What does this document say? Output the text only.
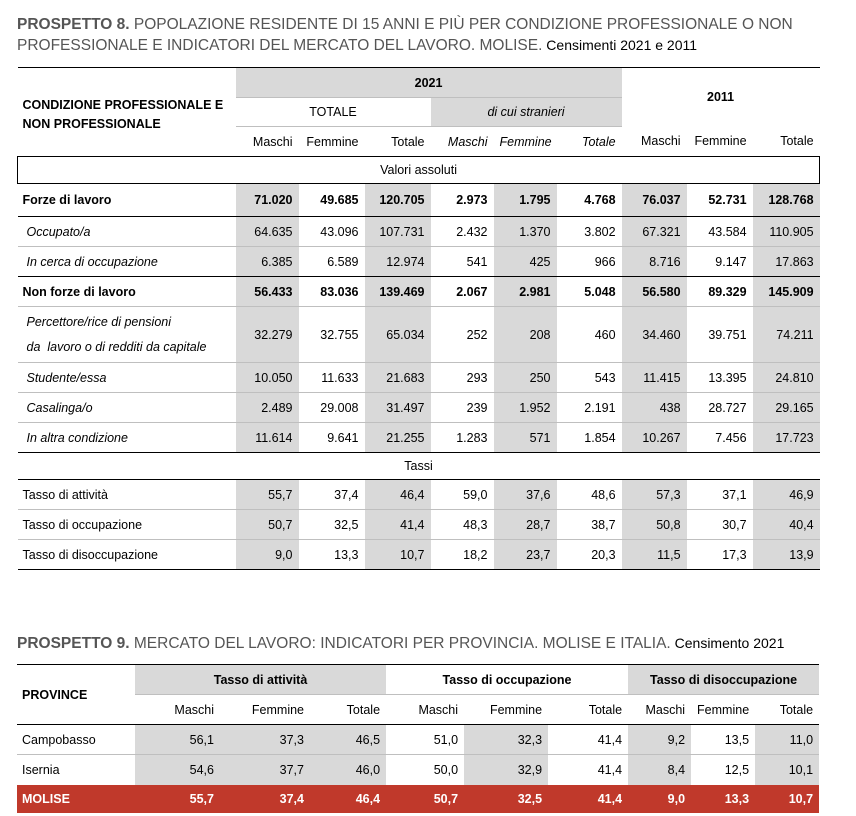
PROSPETTO 8. POPOLAZIONE RESIDENTE DI 15 ANNI E PIÙ PER CONDIZIONE PROFESSIONALE O NON PROFESSIONALE E INDICATORI DEL MERCATO DEL LAVORO. MOLISE. Censimenti 2021 e 2011
CONDIZIONE PROFESSIONALE E NON PROFESSIONALE	2021						2011		
	TOTALE			di cui stranieri					
	Maschi	Femmine	Totale	Maschi	Femmine	Totale	Maschi	Femmine	Totale
Valori assoluti									
Forze di lavoro	71.020	49.685	120.705	2.973	1.795	4.768	76.037	52.731	128.768
Occupato/a	64.635	43.096	107.731	2.432	1.370	3.802	67.321	43.584	110.905
In cerca di occupazione	6.385	6.589	12.974	541	425	966	8.716	9.147	17.863
Non forze di lavoro	56.433	83.036	139.469	2.067	2.981	5.048	56.580	89.329	145.909

Percettore/rice di pensioni
da  lavoro o di redditi da capitale	32.279	32.755	65.034	252	208	460	34.460	39.751	74.211
Studente/essa	10.050	11.633	21.683	293	250	543	11.415	13.395	24.810
Casalinga/o	2.489	29.008	31.497	239	1.952	2.191	438	28.727	29.165
In altra condizione	11.614	9.641	21.255	1.283	571	1.854	10.267	7.456	17.723
Tassi									
Tasso di attività	55,7	37,4	46,4	59,0	37,6	48,6	57,3	37,1	46,9
Tasso di occupazione	50,7	32,5	41,4	48,3	28,7	38,7	50,8	30,7	40,4
Tasso di disoccupazione	9,0	13,3	10,7	18,2	23,7	20,3	11,5	17,3	13,9
PROSPETTO 9. MERCATO DEL LAVORO: INDICATORI PER PROVINCIA. MOLISE E ITALIA. Censimento 2021
PROVINCE	Tasso di attività			Tasso di occupazione			Tasso di disoccupazione		
	Maschi	Femmine	Totale	Maschi	Femmine	Totale	Maschi	Femmine	Totale
Campobasso	56,1	37,3	46,5	51,0	32,3	41,4	9,2	13,5	11,0
Isernia	54,6	37,7	46,0	50,0	32,9	41,4	8,4	12,5	10,1
MOLISE	55,7	37,4	46,4	50,7	32,5	41,4	9,0	13,3	10,7
